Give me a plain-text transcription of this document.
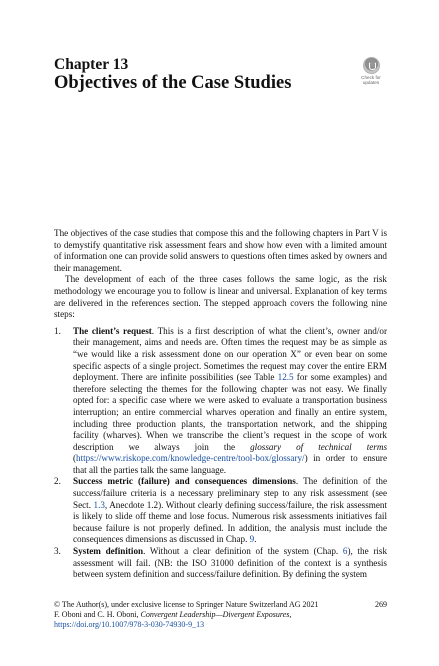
Chapter 13
Objectives of the Case Studies	Check for
updates

The objectives of the case studies that compose this and the following chapters in Part V is to demystify quantitative risk assessment fears and show how even with a limited amount of information one can provide solid answers to questions often times asked by owners and their management.

The development of each of the three cases follows the same logic, as the risk methodology we encourage you to follow is linear and universal. Explanation of key terms are delivered in the references section. The stepped approach covers the following nine steps:

1. The client’s request. This is a first description of what the client’s, owner and/or their management, aims and needs are. Often times the request may be as simple as “we would like a risk assessment done on our operation X” or even bear on some specific aspects of a single project. Sometimes the request may cover the entire ERM deployment. There are infinite possibilities (see Table 12.5 for some examples) and therefore selecting the themes for the following chapter was not easy. We finally opted for: a specific case where we were asked to evaluate a transportation business interruption; an entire commercial wharves operation and finally an entire system, including three production plants, the transportation network, and the shipping facility (wharves). When we transcribe the client’s request in the scope of work description we always join the glossary of technical terms (https://www.riskope.com/knowledge-centre/tool-box/glossary/) in order to ensure that all the parties talk the same language.
2. Success metric (failure) and consequences dimensions. The definition of the success/failure criteria is a necessary preliminary step to any risk assessment (see Sect. 1.3, Anecdote 1.2). Without clearly defining success/failure, the risk assessment is likely to slide off theme and lose focus. Numerous risk assessments initiatives fail because failure is not properly defined. In addition, the analysis must include the consequences dimensions as discussed in Chap. 9.
3. System definition. Without a clear definition of the system (Chap. 6), the risk assessment will fail. (NB: the ISO 31000 definition of the context is a synthesis between system definition and success/failure definition. By defining the system
© The Author(s), under exclusive license to Springer Nature Switzerland AG 2021	269
F. Oboni and C. H. Oboni, Convergent Leadership—Divergent Exposures,
https://doi.org/10.1007/978-3-030-74930-9_13
